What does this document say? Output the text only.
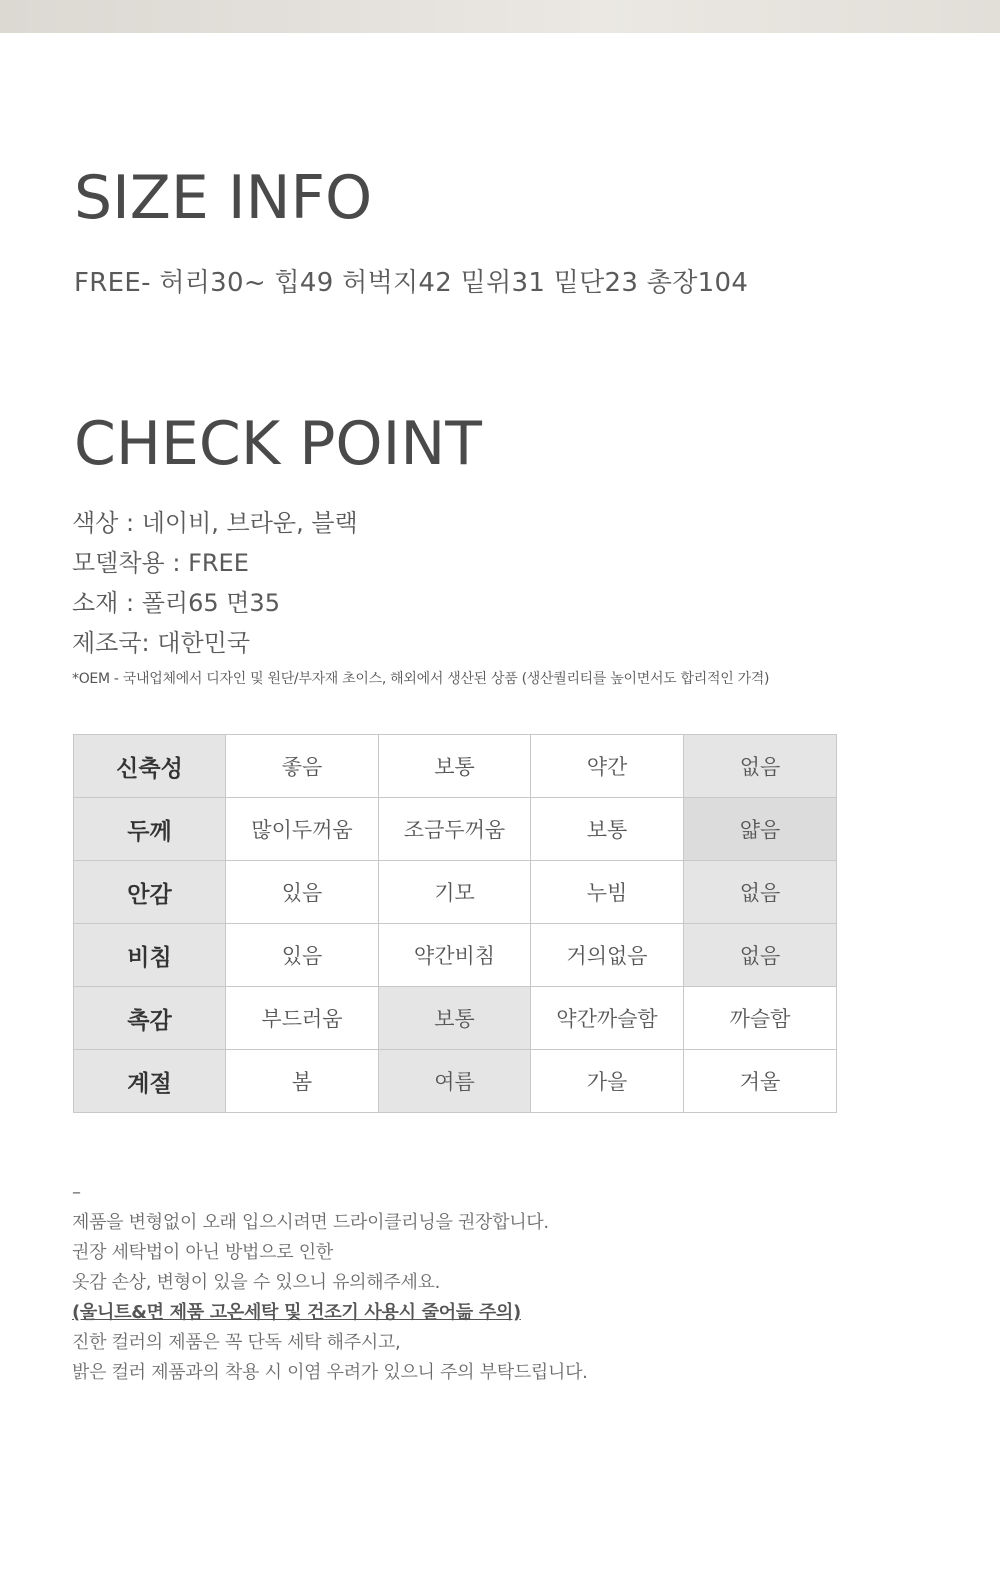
SIZE INFO
FREE- 허리30~ 힙49 허벅지42 밑위31 밑단23 총장104
CHECK POINT
색상 : 네이비, 브라운, 블랙
모델착용 : FREE
소재 : 폴리65 면35
제조국: 대한민국
*OEM - 국내업체에서 디자인 및 원단/부자재 초이스, 해외에서 생산된 상품 (생산퀄리티를 높이면서도 합리적인 가격)
신축성	좋음	보통	약간	없음
두께	많이두꺼움	조금두꺼움	보통	얇음
안감	있음	기모	누빔	없음
비침	있음	약간비침	거의없음	없음
촉감	부드러움	보통	약간까슬함	까슬함
계절	봄	여름	가을	겨울
–
제품을 변형없이 오래 입으시려면 드라이클리닝을 권장합니다.
권장 세탁법이 아닌 방법으로 인한
옷감 손상, 변형이 있을 수 있으니 유의해주세요.
(울니트&면 제품 고온세탁 및 건조기 사용시 줄어듦 주의)
진한 컬러의 제품은 꼭 단독 세탁 해주시고,
밝은 컬러 제품과의 착용 시 이염 우려가 있으니 주의 부탁드립니다.
